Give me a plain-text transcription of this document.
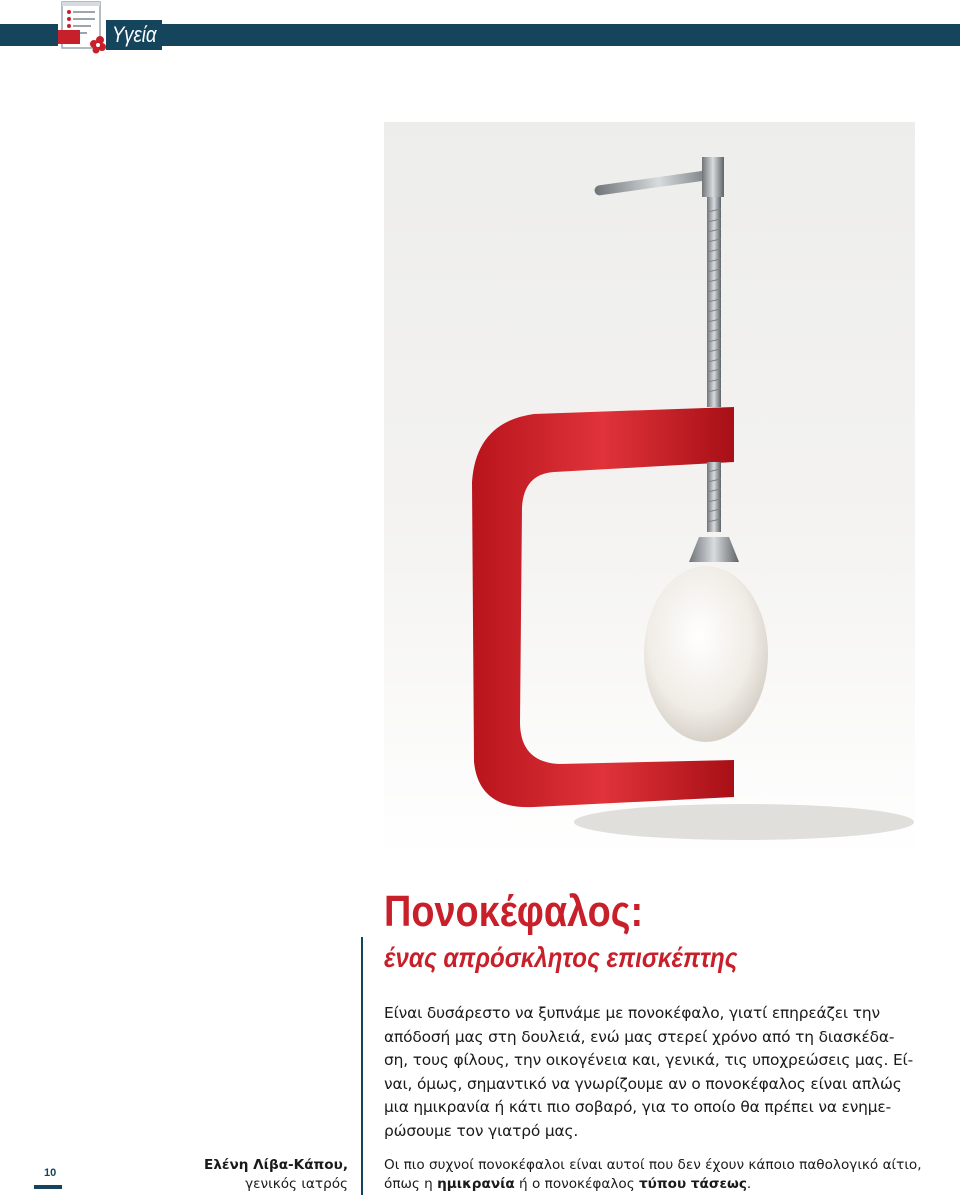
Υγεία
Πονοκέφαλος:
ένας απρόσκλητος επισκέπτης

Είναι δυσάρεστο να ξυπνάμε με πονοκέφαλο, γιατί επηρεάζει την

απόδοσή μας στη δουλειά, ενώ μας στερεί χρόνο από τη διασκέδα-

ση, τους φίλους, την οικογένεια και, γενικά, τις υποχρεώσεις μας. Εί-

ναι, όμως, σημαντικό να γνωρίζουμε αν ο πονοκέφαλος είναι απλώς

μια ημικρανία ή κάτι πιο σοβαρό, για το οποίο θα πρέπει να ενημε-

ρώσουμε τον γιατρό μας.

Οι πιο συχνοί πονοκέφαλοι είναι αυτοί που δεν έχουν κάποιο παθολογικό αίτιο,

όπως η ημικρανία ή ο πονοκέφαλος τύπου τάσεως.

Ελένη Λίβα-Κάπου,
γενικός ιατρός
10
